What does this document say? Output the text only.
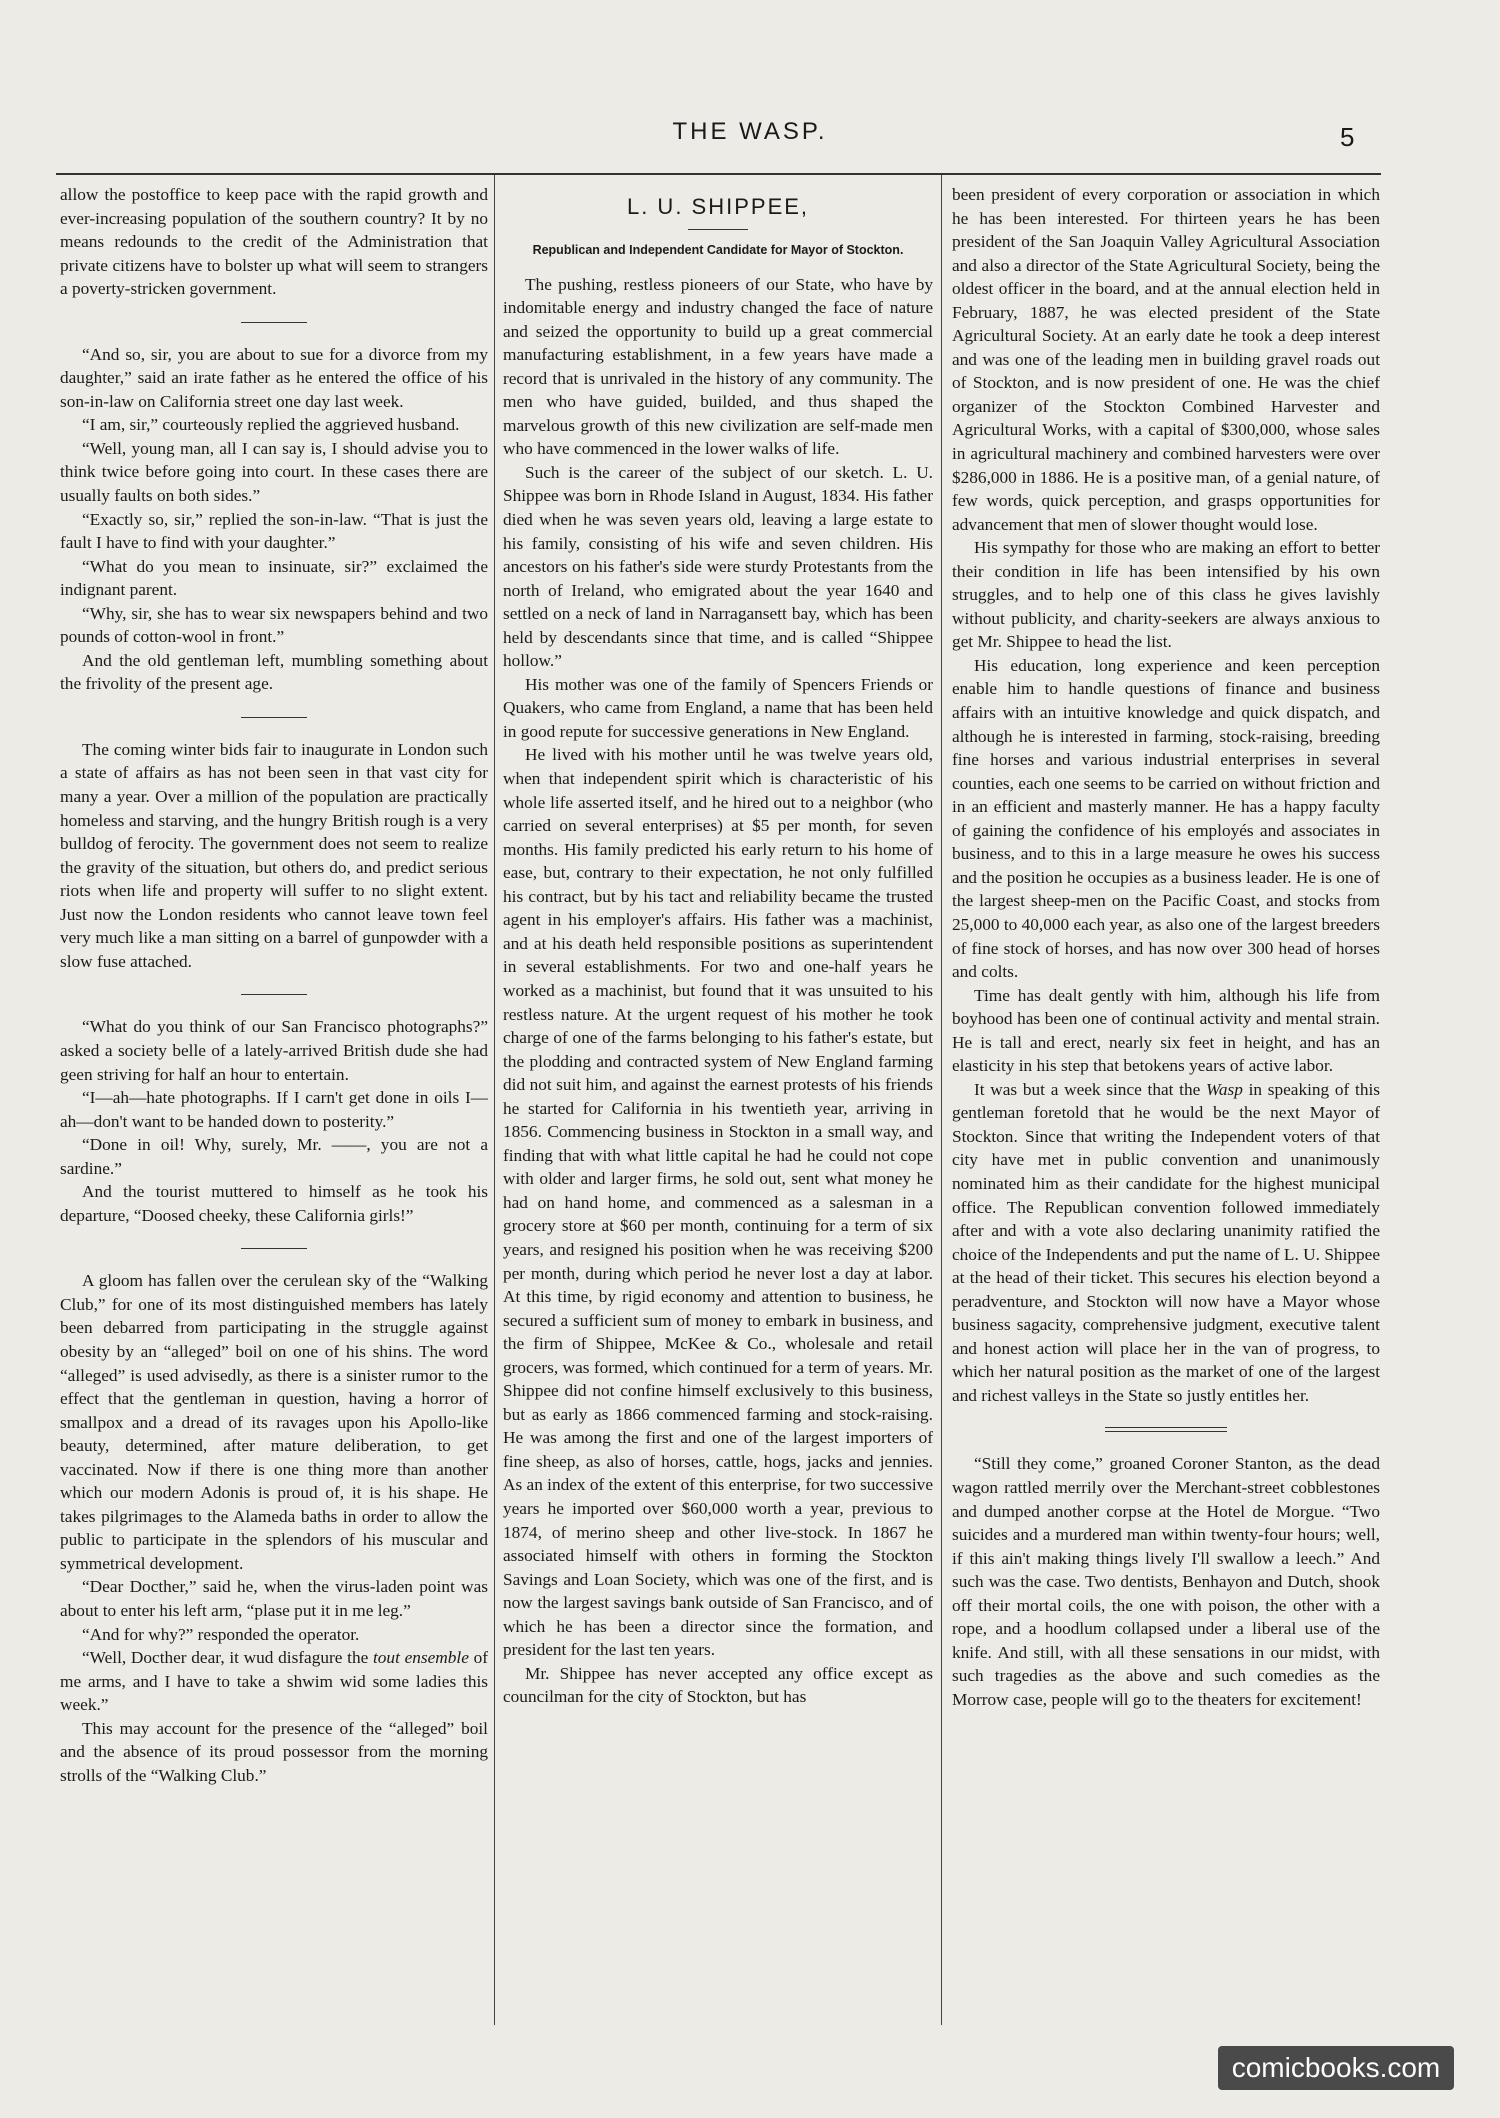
THE WASP.	5

allow the postoffice to keep pace with the rapid growth and ever-increasing population of the southern country? It by no means redounds to the credit of the Administration that private citizens have to bolster up what will seem to strangers a poverty-stricken government.

“And so, sir, you are about to sue for a divorce from my daughter,” said an irate father as he entered the office of his son-in-law on California street one day last week.

“I am, sir,” courteously replied the aggrieved husband.

“Well, young man, all I can say is, I should advise you to think twice before going into court. In these cases there are usually faults on both sides.”

“Exactly so, sir,” replied the son-in-law. “That is just the fault I have to find with your daughter.”

“What do you mean to insinuate, sir?” exclaimed the indignant parent.

“Why, sir, she has to wear six newspapers behind and two pounds of cotton-wool in front.”

And the old gentleman left, mumbling something about the frivolity of the present age.

The coming winter bids fair to inaugurate in London such a state of affairs as has not been seen in that vast city for many a year. Over a million of the population are practically homeless and starving, and the hungry British rough is a very bulldog of ferocity. The government does not seem to realize the gravity of the situation, but others do, and predict serious riots when life and property will suffer to no slight extent. Just now the London residents who cannot leave town feel very much like a man sitting on a barrel of gunpowder with a slow fuse attached.

“What do you think of our San Francisco photographs?” asked a society belle of a lately-arrived British dude she had geen striving for half an hour to entertain.

“I—ah—hate photographs. If I carn't get done in oils I—ah—don't want to be handed down to posterity.”

“Done in oil! Why, surely, Mr. ——, you are not a sardine.”

And the tourist muttered to himself as he took his departure, “Doosed cheeky, these California girls!”

A gloom has fallen over the cerulean sky of the “Walking Club,” for one of its most distinguished members has lately been debarred from participating in the struggle against obesity by an “alleged” boil on one of his shins. The word “alleged” is used advisedly, as there is a sinister rumor to the effect that the gentleman in question, having a horror of smallpox and a dread of its ravages upon his Apollo-like beauty, determined, after mature deliberation, to get vaccinated. Now if there is one thing more than another which our modern Adonis is proud of, it is his shape. He takes pilgrimages to the Alameda baths in order to allow the public to participate in the splendors of his muscular and symmetrical development.

“Dear Docther,” said he, when the virus-laden point was about to enter his left arm, “plase put it in me leg.”

“And for why?” responded the operator.

“Well, Docther dear, it wud disfagure the tout ensemble of me arms, and I have to take a shwim wid some ladies this week.”

This may account for the presence of the “alleged” boil and the absence of its proud possessor from the morning strolls of the “Walking Club.”

L. U. SHIPPEE,
Republican and Independent Candidate for Mayor of Stockton.

The pushing, restless pioneers of our State, who have by indomitable energy and industry changed the face of nature and seized the opportunity to build up a great commercial manufacturing establishment, in a few years have made a record that is unrivaled in the history of any community. The men who have guided, builded, and thus shaped the marvelous growth of this new civilization are self-made men who have commenced in the lower walks of life.

Such is the career of the subject of our sketch. L. U. Shippee was born in Rhode Island in August, 1834. His father died when he was seven years old, leaving a large estate to his family, consisting of his wife and seven children. His ancestors on his father's side were sturdy Protestants from the north of Ireland, who emigrated about the year 1640 and settled on a neck of land in Narragansett bay, which has been held by descendants since that time, and is called “Shippee hollow.”

His mother was one of the family of Spencers Friends or Quakers, who came from England, a name that has been held in good repute for successive generations in New England.

He lived with his mother until he was twelve years old, when that independent spirit which is characteristic of his whole life asserted itself, and he hired out to a neighbor (who carried on several enterprises) at $5 per month, for seven months. His family predicted his early return to his home of ease, but, contrary to their expectation, he not only fulfilled his contract, but by his tact and reliability became the trusted agent in his employer's affairs. His father was a machinist, and at his death held responsible positions as superintendent in several establishments. For two and one-half years he worked as a machinist, but found that it was unsuited to his restless nature. At the urgent request of his mother he took charge of one of the farms belonging to his father's estate, but the plodding and contracted system of New England farming did not suit him, and against the earnest protests of his friends he started for California in his twentieth year, arriving in 1856. Commencing business in Stockton in a small way, and finding that with what little capital he had he could not cope with older and larger firms, he sold out, sent what money he had on hand home, and commenced as a salesman in a grocery store at $60 per month, continuing for a term of six years, and resigned his position when he was receiving $200 per month, during which period he never lost a day at labor. At this time, by rigid economy and attention to business, he secured a sufficient sum of money to embark in business, and the firm of Shippee, McKee & Co., wholesale and retail grocers, was formed, which continued for a term of years. Mr. Shippee did not confine himself exclusively to this business, but as early as 1866 commenced farming and stock-raising. He was among the first and one of the largest importers of fine sheep, as also of horses, cattle, hogs, jacks and jennies. As an index of the extent of this enterprise, for two successive years he imported over $60,000 worth a year, previous to 1874, of merino sheep and other live-stock. In 1867 he associated himself with others in forming the Stockton Savings and Loan Society, which was one of the first, and is now the largest savings bank outside of San Francisco, and of which he has been a director since the formation, and president for the last ten years.

Mr. Shippee has never accepted any office except as councilman for the city of Stockton, but has

been president of every corporation or association in which he has been interested. For thirteen years he has been president of the San Joaquin Valley Agricultural Association and also a director of the State Agricultural Society, being the oldest officer in the board, and at the annual election held in February, 1887, he was elected president of the State Agricultural Society. At an early date he took a deep interest and was one of the leading men in building gravel roads out of Stockton, and is now president of one. He was the chief organizer of the Stockton Combined Harvester and Agricultural Works, with a capital of $300,000, whose sales in agricultural machinery and combined harvesters were over $286,000 in 1886. He is a positive man, of a genial nature, of few words, quick perception, and grasps opportunities for advancement that men of slower thought would lose.

His sympathy for those who are making an effort to better their condition in life has been intensified by his own struggles, and to help one of this class he gives lavishly without publicity, and charity-seekers are always anxious to get Mr. Shippee to head the list.

His education, long experience and keen perception enable him to handle questions of finance and business affairs with an intuitive knowledge and quick dispatch, and although he is interested in farming, stock-raising, breeding fine horses and various industrial enterprises in several counties, each one seems to be carried on without friction and in an efficient and masterly manner. He has a happy faculty of gaining the confidence of his employés and associates in business, and to this in a large measure he owes his success and the position he occupies as a business leader. He is one of the largest sheep-men on the Pacific Coast, and stocks from 25,000 to 40,000 each year, as also one of the largest breeders of fine stock of horses, and has now over 300 head of horses and colts.

Time has dealt gently with him, although his life from boyhood has been one of continual activity and mental strain. He is tall and erect, nearly six feet in height, and has an elasticity in his step that betokens years of active labor.

It was but a week since that the Wasp in speaking of this gentleman foretold that he would be the next Mayor of Stockton. Since that writing the Independent voters of that city have met in public convention and unanimously nominated him as their candidate for the highest municipal office. The Republican convention followed immediately after and with a vote also declaring unanimity ratified the choice of the Independents and put the name of L. U. Shippee at the head of their ticket. This secures his election beyond a peradventure, and Stockton will now have a Mayor whose business sagacity, comprehensive judgment, executive talent and honest action will place her in the van of progress, to which her natural position as the market of one of the largest and richest valleys in the State so justly entitles her.

“Still they come,” groaned Coroner Stanton, as the dead wagon rattled merrily over the Merchant-street cobblestones and dumped another corpse at the Hotel de Morgue. “Two suicides and a murdered man within twenty-four hours; well, if this ain't making things lively I'll swallow a leech.” And such was the case. Two dentists, Benhayon and Dutch, shook off their mortal coils, the one with poison, the other with a rope, and a hoodlum collapsed under a liberal use of the knife. And still, with all these sensations in our midst, with such tragedies as the above and such comedies as the Morrow case, people will go to the theaters for excitement!

comicbooks.com
